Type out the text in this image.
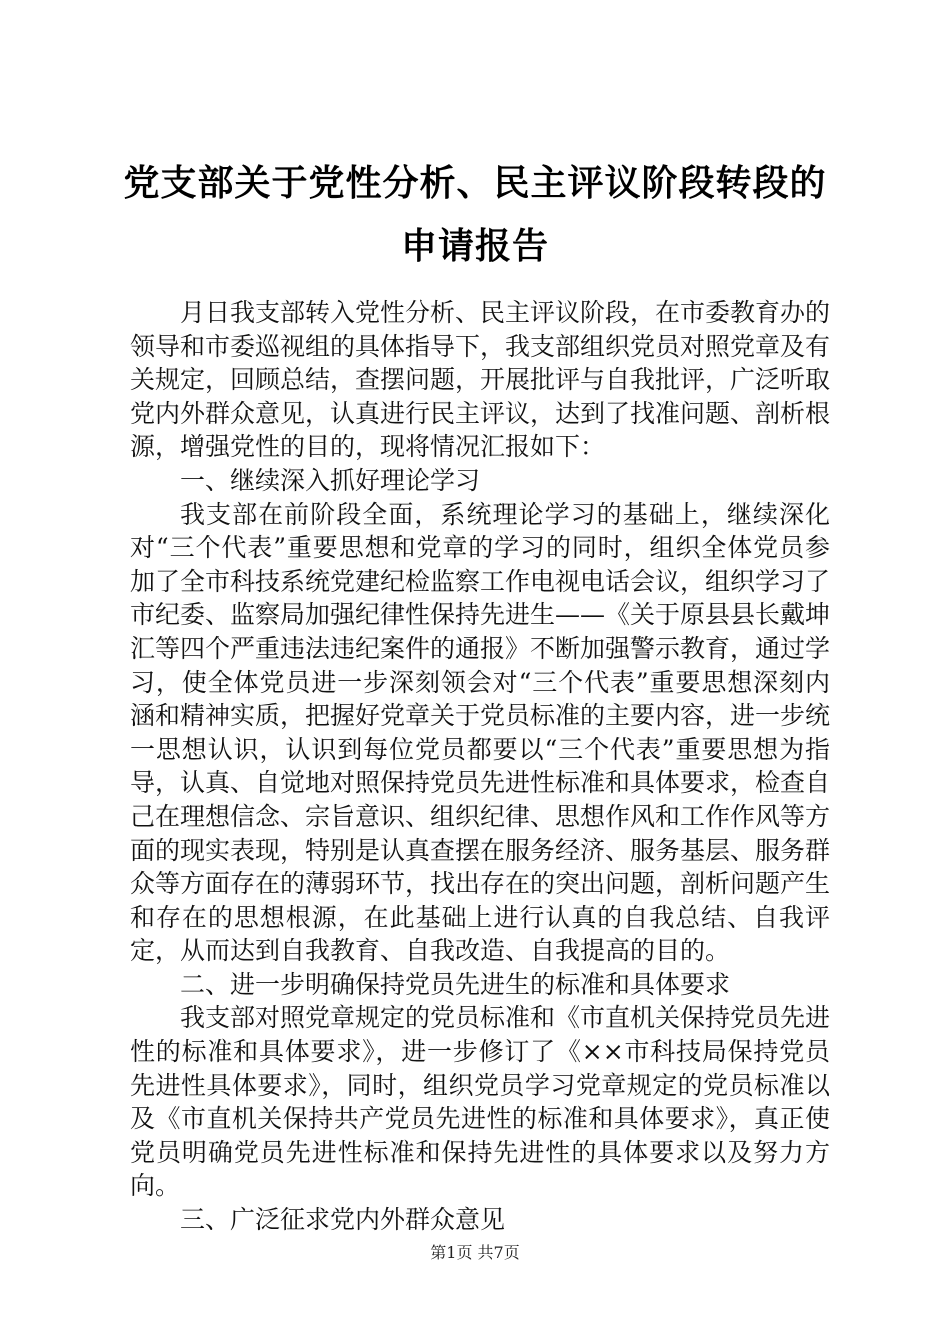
党支部关于党性分析、民主评议阶段转段的申请报告

月日我支部转入党性分析、民主评议阶段，在市委教育办的领导和市委巡视组的具体指导下，我支部组织党员对照党章及有关规定，回顾总结，查摆问题，开展批评与自我批评，广泛听取党内外群众意见，认真进行民主评议，达到了找准问题、剖析根源，增强党性的目的，现将情况汇报如下：

一、继续深入抓好理论学习

我支部在前阶段全面，系统理论学习的基础上，继续深化对“三个代表”重要思想和党章的学习的同时，组织全体党员参加了全市科技系统党建纪检监察工作电视电话会议，组织学习了市纪委、监察局加强纪律性保持先进生——《关于原县县长戴坤汇等四个严重违法违纪案件的通报》不断加强警示教育，通过学习，使全体党员进一步深刻领会对“三个代表”重要思想深刻内涵和精神实质，把握好党章关于党员标准的主要内容，进一步统一思想认识，认识到每位党员都要以“三个代表”重要思想为指导，认真、自觉地对照保持党员先进性标准和具体要求，检查自己在理想信念、宗旨意识、组织纪律、思想作风和工作作风等方面的现实表现，特别是认真查摆在服务经济、服务基层、服务群众等方面存在的薄弱环节，找出存在的突出问题，剖析问题产生和存在的思想根源，在此基础上进行认真的自我总结、自我评定，从而达到自我教育、自我改造、自我提高的目的。

二、进一步明确保持党员先进生的标准和具体要求

我支部对照党章规定的党员标准和《市直机关保持党员先进性的标准和具体要求》，进一步修订了《××市科技局保持党员先进性具体要求》，同时，组织党员学习党章规定的党员标准以及《市直机关保持共产党员先进性的标准和具体要求》，真正使党员明确党员先进性标准和保持先进性的具体要求以及努力方向。

三、广泛征求党内外群众意见

第1页 共7页
